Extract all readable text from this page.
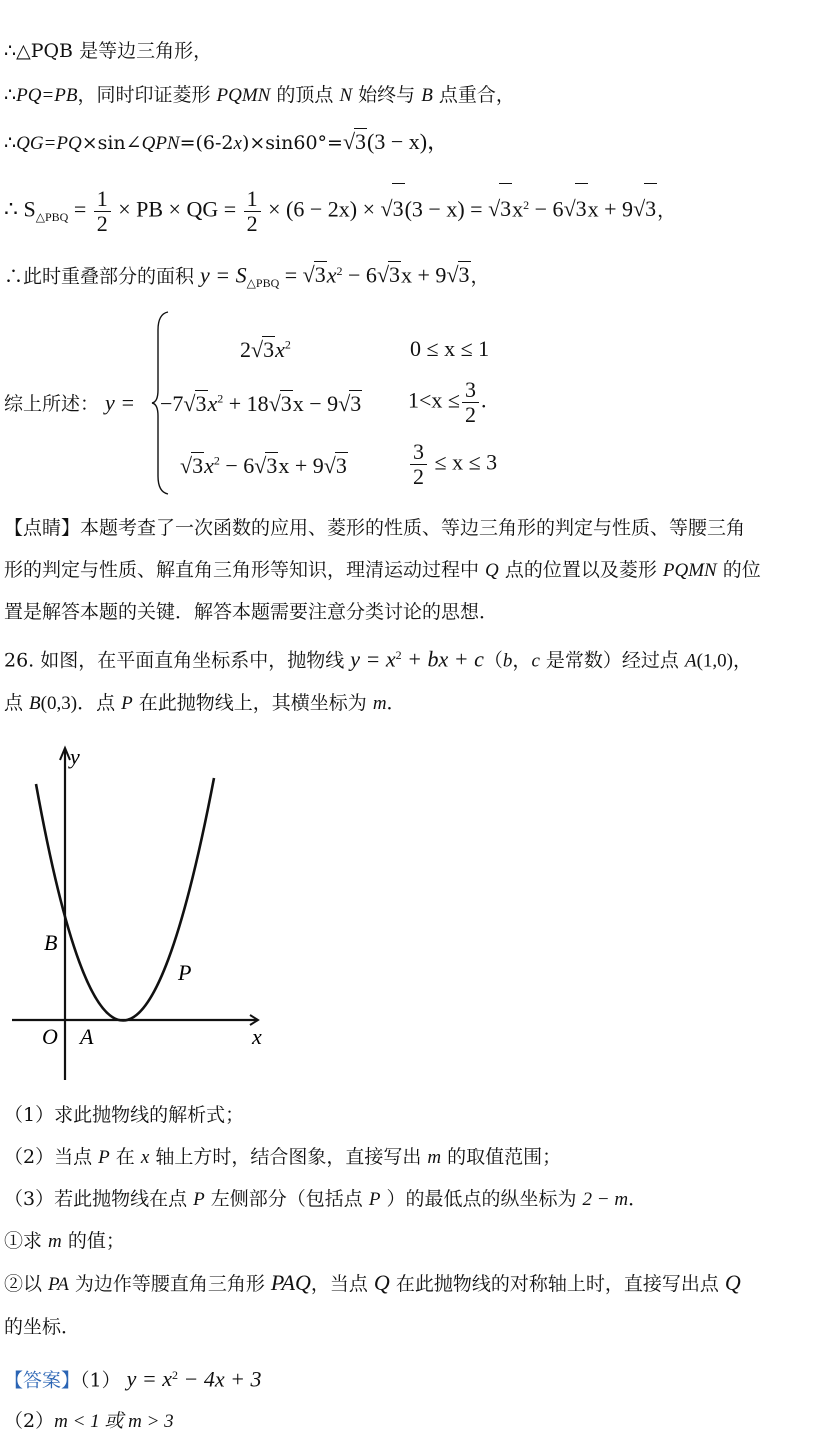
∴△PQB 是等边三角形，
∴PQ=PB，同时印证菱形 PQMN 的顶点 N 始终与 B 点重合，
∴QG=PQ×sin∠QPN=(6-2x)×sin60°=√3(3 − x)，
∴ $S_{\triangle PBQ} = \frac{1}{2}$ × PB × QG = $\frac{1}{2} \times (6 - 2x) \times √3(3 - x) = √3x^2 - 6√3x + 9√3$，
∴此时重叠部分的面积 $y = S_{\triangle PBQ} = √3x^2 - 6√3x + 9√3$，
综上所述： y =
$2√3x^2$	0 ≤ x ≤ 1
$-7√3x^2 + 18√3x - 9√3$ $1<x \le \frac{3}{2}$ .
$√3x^2 - 6√3x + 9√3$	$\frac{3}{2} \le x \le 3$
【点睛】本题考查了一次函数的应用、菱形的性质、等边三角形的判定与性质、等腰三角
形的判定与性质、解直角三角形等知识，理清运动过程中 Q 点的位置以及菱形 PQMN 的位
置是解答本题的关键．解答本题需要注意分类讨论的思想．
26. 如图，在平面直角坐标系中，抛物线 $y = x^2$ + bx + c（b，c 是常数）经过点 A(1,0)，
点 B(0,3)．点 P 在此抛物线上，其横坐标为 m．
y
x
O A
B
P
（1）求此抛物线的解析式；
（2）当点 P 在 x 轴上方时，结合图象，直接写出 m 的取值范围；
（3）若此抛物线在点 P 左侧部分（包括点 P ）的最低点的纵坐标为 2 − m．
①求 m 的值；
②以 PA 为边作等腰直角三角形 PAQ，当点 Q 在此抛物线的对称轴上时，直接写出点 Q
的坐标．
【答案】（1） $y = x^2 - 4x + 3$
（2）m < 1 或 m > 3
